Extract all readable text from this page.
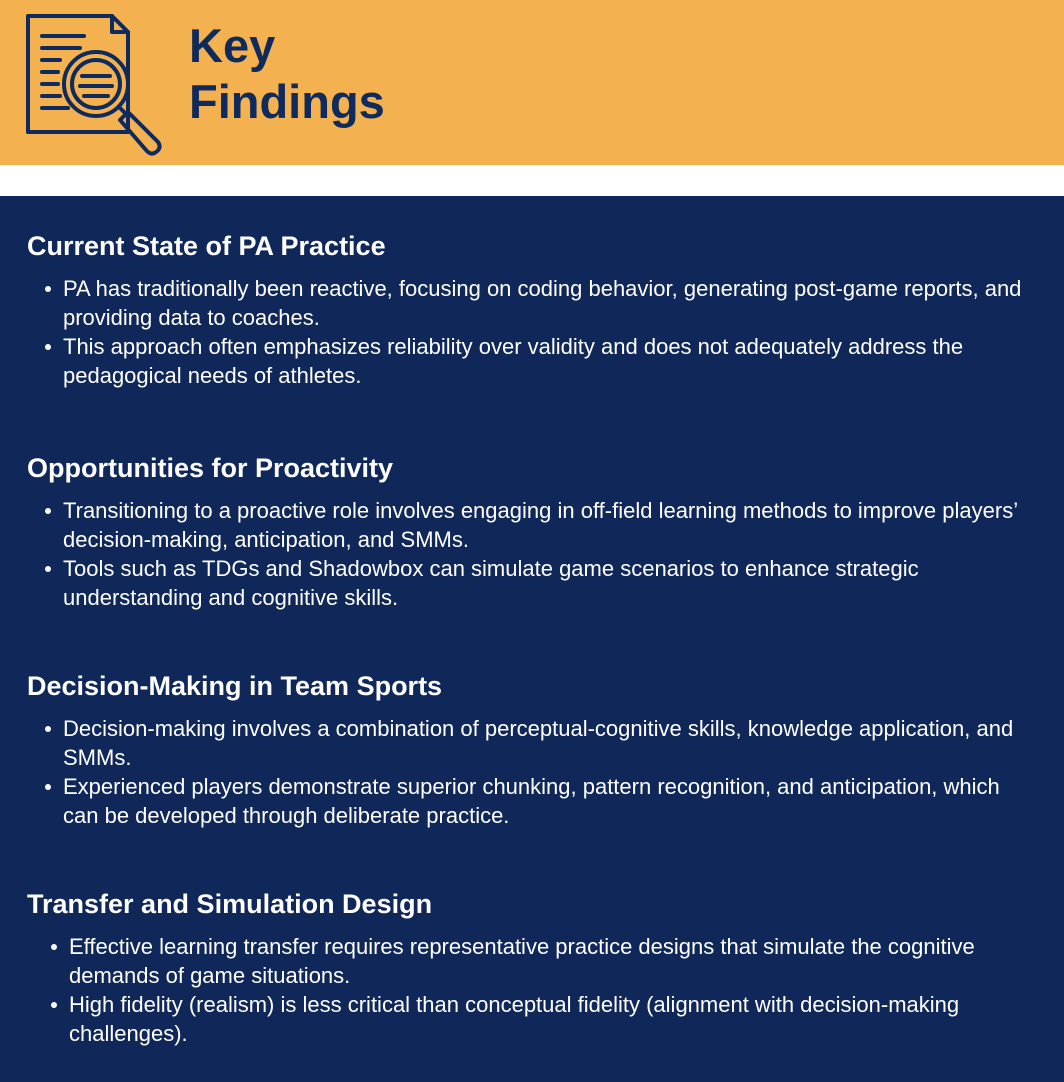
Key
Findings
Current State of PA Practice
PA has traditionally been reactive, focusing on coding behavior, generating post-game reports, and providing data to coaches.
This approach often emphasizes reliability over validity and does not adequately address the pedagogical needs of athletes.
Opportunities for Proactivity
Transitioning to a proactive role involves engaging in off-field learning methods to improve players’ decision-making, anticipation, and SMMs.
Tools such as TDGs and Shadowbox can simulate game scenarios to enhance strategic understanding and cognitive skills.
Decision-Making in Team Sports
Decision-making involves a combination of perceptual-cognitive skills, knowledge application, and SMMs.
Experienced players demonstrate superior chunking, pattern recognition, and anticipation, which can be developed through deliberate practice.
Transfer and Simulation Design
Effective learning transfer requires representative practice designs that simulate the cognitive demands of game situations.
High fidelity (realism) is less critical than conceptual fidelity (alignment with decision-making challenges).
